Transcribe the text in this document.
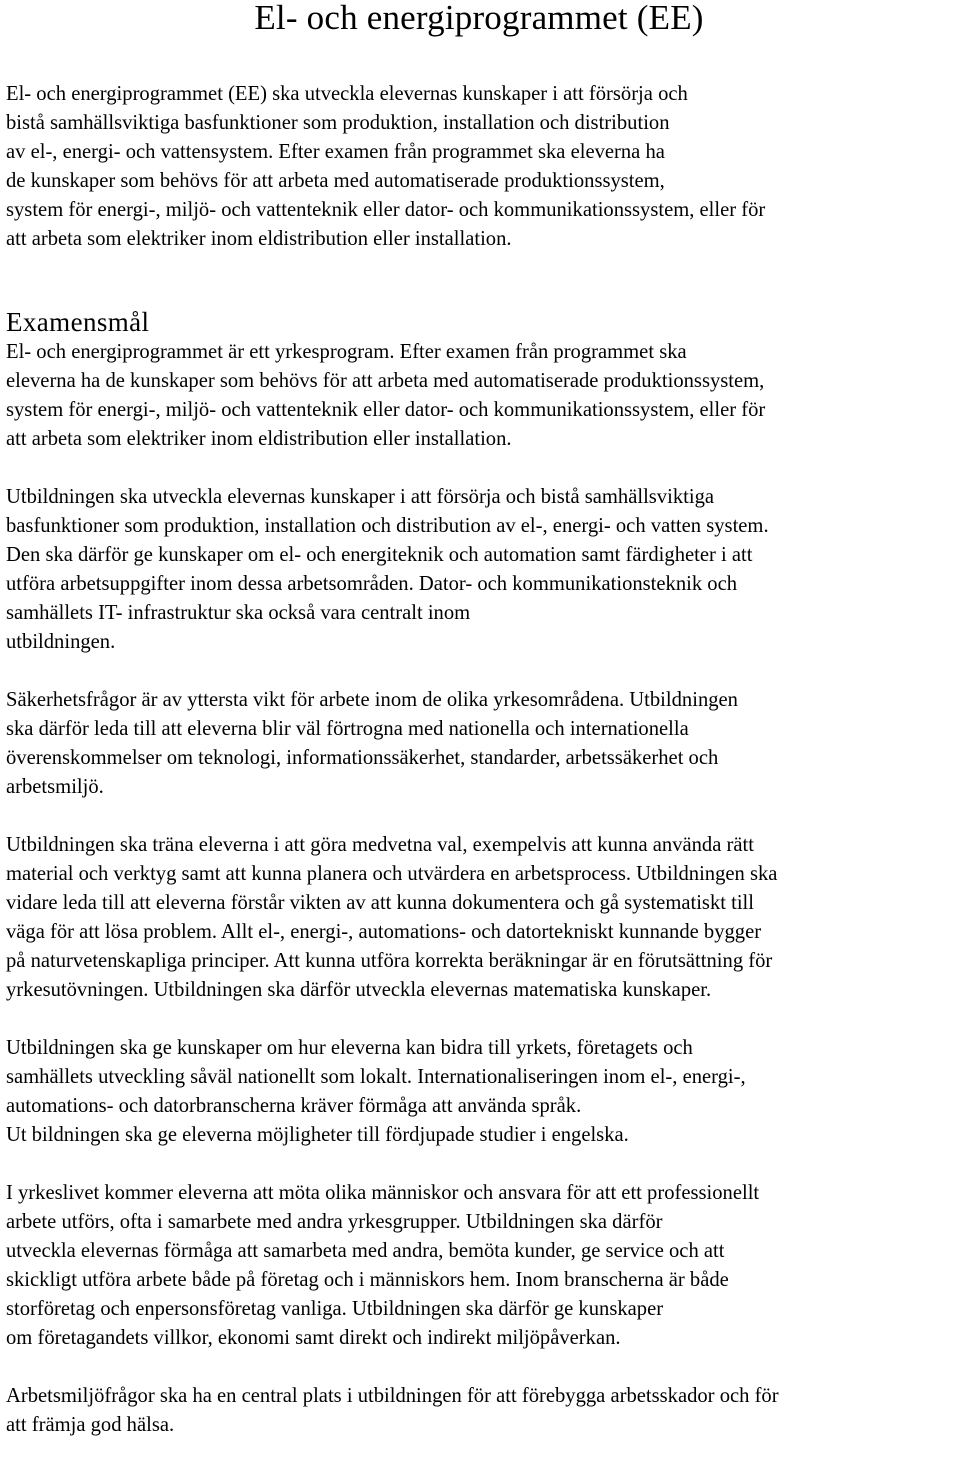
El- och energiprogrammet (EE)

El- och energiprogrammet (EE) ska utveckla elevernas kunskaper i att försörja och
bistå samhällsviktiga basfunktioner som produktion, installation och distribution
av el-, energi- och vattensystem. Efter examen från programmet ska eleverna ha
de kunskaper som behövs för att arbeta med automatiserade produktionssystem,
system för energi-, miljö- och vattenteknik eller dator- och kommunikationssystem, eller för
att arbeta som elektriker inom eldistribution eller installation.

Examensmål

El- och energiprogrammet är ett yrkesprogram. Efter examen från programmet ska
eleverna ha de kunskaper som behövs för att arbeta med automatiserade produktionssystem,
system för energi-, miljö- och vattenteknik eller dator- och kommunikationssystem, eller för
att arbeta som elektriker inom eldistribution eller installation.

Utbildningen ska utveckla elevernas kunskaper i att försörja och bistå samhällsviktiga
basfunktioner som produktion, installation och distribution av el-, energi- och vatten system.
Den ska därför ge kunskaper om el- och energiteknik och automation samt färdigheter i att
utföra arbetsuppgifter inom dessa arbetsområden. Dator- och kommunikationsteknik och
samhällets IT- infrastruktur ska också vara centralt inom
utbildningen.

Säkerhetsfrågor är av yttersta vikt för arbete inom de olika yrkesområdena. Utbildningen
ska därför leda till att eleverna blir väl förtrogna med nationella och internationella
överenskommelser om teknologi, informationssäkerhet, standarder, arbetssäkerhet och
arbetsmiljö.

Utbildningen ska träna eleverna i att göra medvetna val, exempelvis att kunna använda rätt
material och verktyg samt att kunna planera och utvärdera en arbetsprocess. Utbildningen ska
vidare leda till att eleverna förstår vikten av att kunna dokumentera och gå systematiskt till
väga för att lösa problem. Allt el-, energi-, automations- och datortekniskt kunnande bygger
på naturvetenskapliga principer. Att kunna utföra korrekta beräkningar är en förutsättning för
yrkesutövningen. Utbildningen ska därför utveckla elevernas matematiska kunskaper.

Utbildningen ska ge kunskaper om hur eleverna kan bidra till yrkets, företagets och
samhällets utveckling såväl nationellt som lokalt. Internationaliseringen inom el-, energi-,
automations- och datorbranscherna kräver förmåga att använda språk.

Ut bildningen ska ge eleverna möjligheter till fördjupade studier i engelska.

I yrkeslivet kommer eleverna att möta olika människor och ansvara för att ett professionellt
arbete utförs, ofta i samarbete med andra yrkesgrupper. Utbildningen ska därför
utveckla elevernas förmåga att samarbeta med andra, bemöta kunder, ge service och att
skickligt utföra arbete både på företag och i människors hem. Inom branscherna är både
storföretag och enpersonsföretag vanliga. Utbildningen ska därför ge kunskaper
om företagandets villkor, ekonomi samt direkt och indirekt miljöpåverkan.

Arbetsmiljöfrågor ska ha en central plats i utbildningen för att förebygga arbetsskador och för
att främja god hälsa.
